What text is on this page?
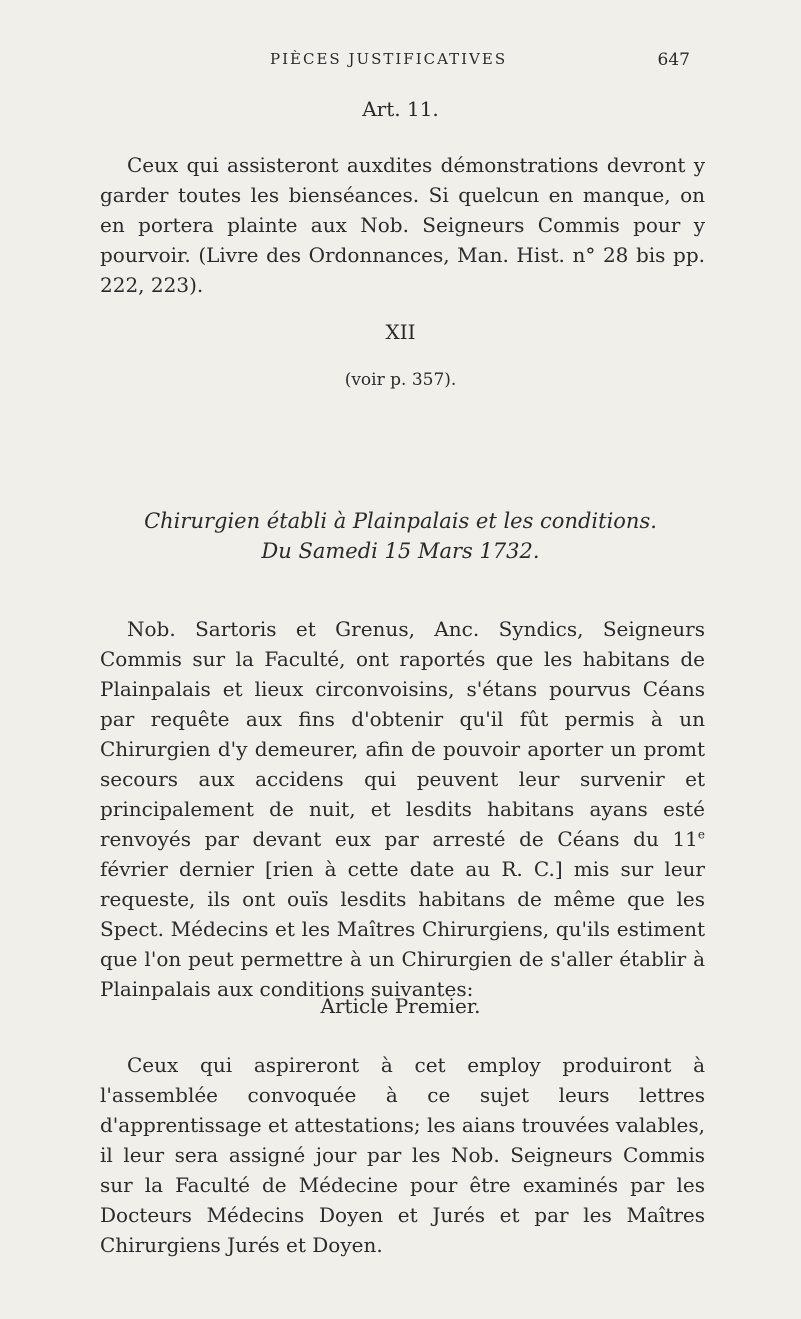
PIÈCES JUSTIFICATIVES	647
Art. 11.

Ceux qui assisteront auxdites démonstrations devront y garder toutes les bienséances. Si quelcun en manque, on en portera plainte aux Nob. Seigneurs Commis pour y pourvoir. (Livre des Ordonnances, Man. Hist. n° 28 bis pp. 222, 223).

XII
(voir p. 357).
Chirurgien établi à Plainpalais et les conditions.
Du Samedi 15 Mars 1732.

Nob. Sartoris et Grenus, Anc. Syndics, Seigneurs Commis sur la Faculté, ont raportés que les habitans de Plainpalais et lieux circonvoisins, s'étans pourvus Céans par requête aux fins d'obtenir qu'il fût permis à un Chirurgien d'y demeurer, afin de pouvoir aporter un promt secours aux accidens qui peuvent leur survenir et principalement de nuit, et lesdits habitans ayans esté renvoyés par devant eux par arresté de Céans du 11e février dernier [rien à cette date au R. C.] mis sur leur requeste, ils ont ouïs lesdits habitans de même que les Spect. Médecins et les Maîtres Chirurgiens, qu'ils estiment que l'on peut permettre à un Chirurgien de s'aller établir à Plainpalais aux conditions suivantes:

Article Premier.

Ceux qui aspireront à cet employ produiront à l'assemblée convoquée à ce sujet leurs lettres d'apprentissage et attestations; les aians trouvées valables, il leur sera assigné jour par les Nob. Seigneurs Commis sur la Faculté de Médecine pour être examinés par les Docteurs Médecins Doyen et Jurés et par les Maîtres Chirurgiens Jurés et Doyen.
